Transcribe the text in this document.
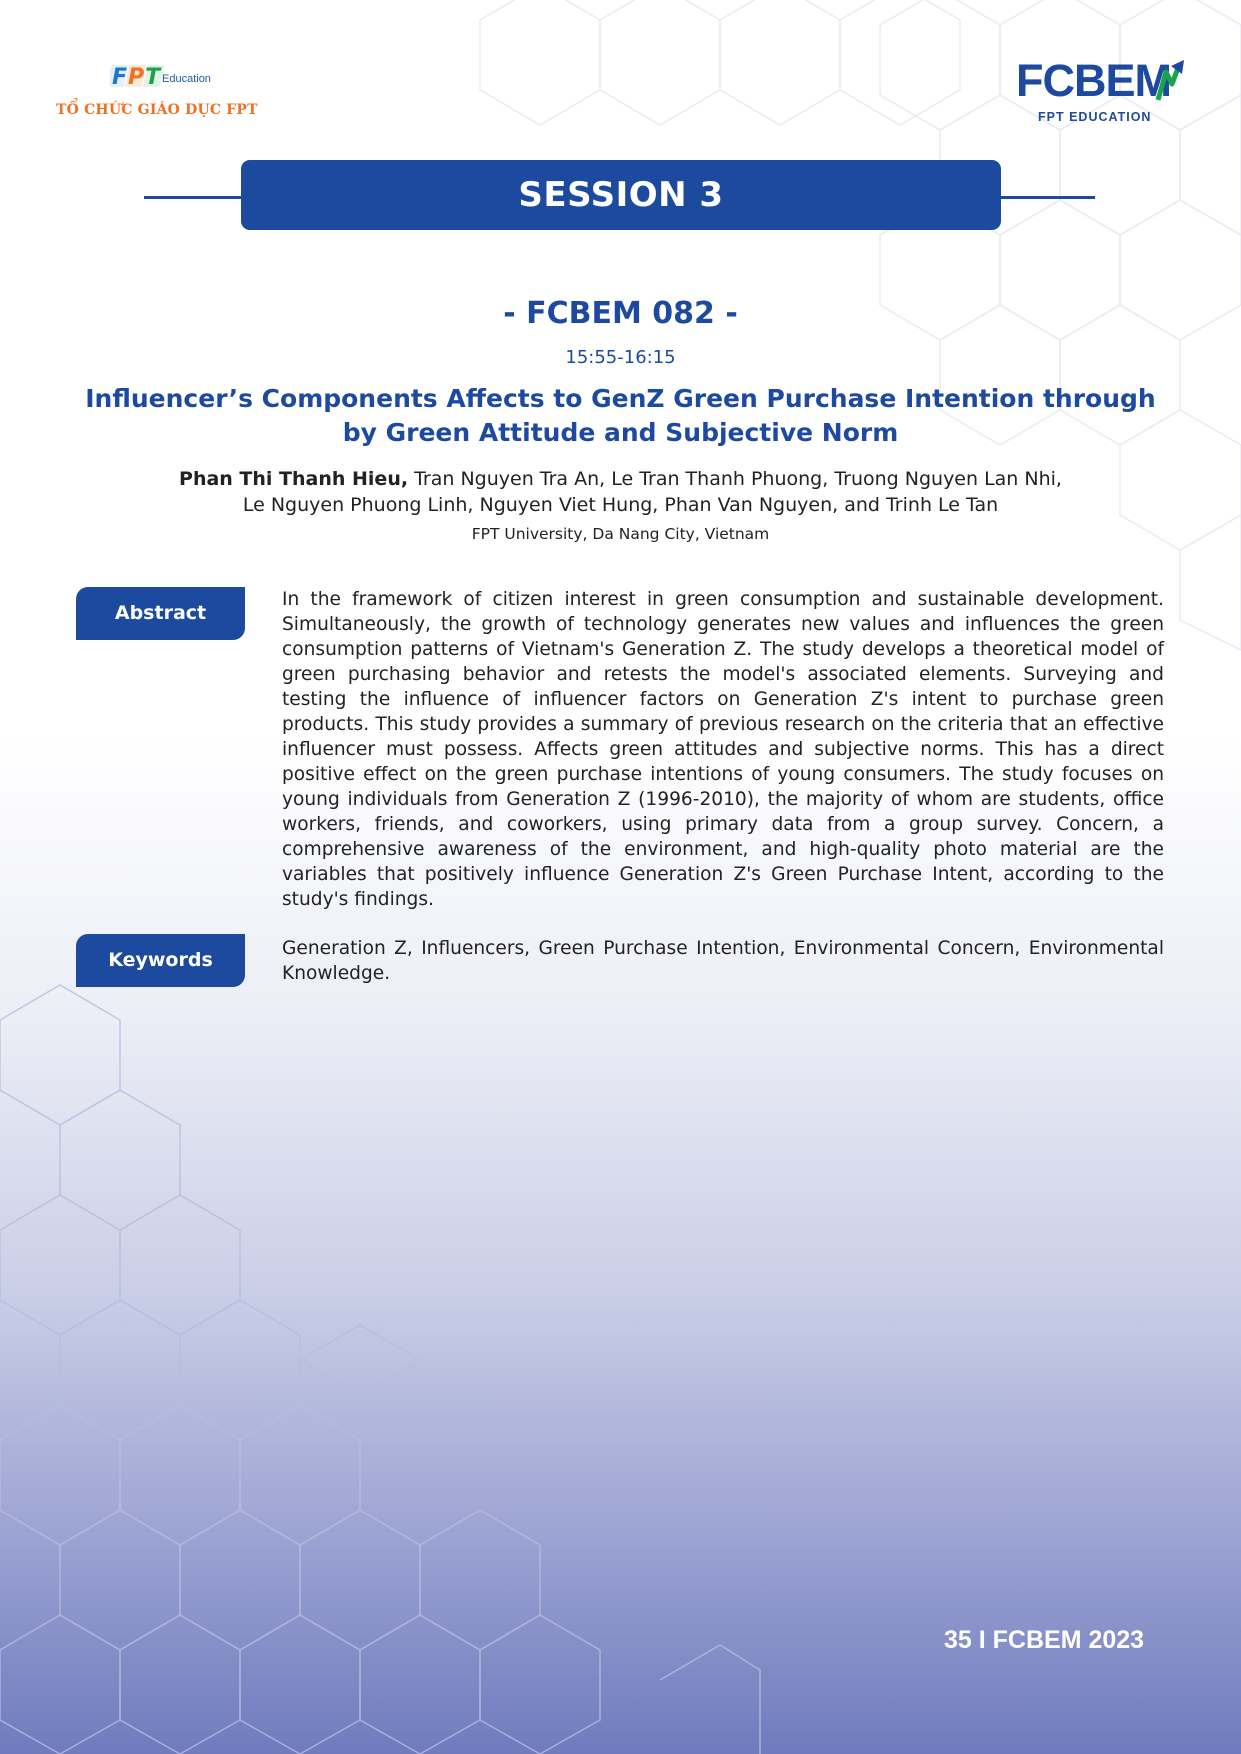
FPT Education
TỔ CHỨC GIÁO DỤC FPT
FCBEM
FPT EDUCATION
SESSION 3
- FCBEM 082 -
15:55-16:15
Influencer’s Components Affects to GenZ Green Purchase Intention through
by Green Attitude and Subjective Norm
Phan Thi Thanh Hieu, Tran Nguyen Tra An, Le Tran Thanh Phuong, Truong Nguyen Lan Nhi,
Le Nguyen Phuong Linh, Nguyen Viet Hung, Phan Van Nguyen, and Trinh Le Tan
FPT University, Da Nang City, Vietnam
Abstract
In the framework of citizen interest in green consumption and sustainable development. Simultaneously, the growth of technology generates new values and influences the green consumption patterns of Vietnam's Generation Z. The study develops a theoretical model of green purchasing behavior and retests the model's associated elements. Surveying and testing the influence of influencer factors on Generation Z's intent to purchase green products. This study provides a summary of previous research on the criteria that an effective influencer must possess. Affects green attitudes and subjective norms. This has a direct positive effect on the green purchase intentions of young consumers. The study focuses on young individuals from Generation Z (1996-2010), the majority of whom are students, office workers, friends, and coworkers, using primary data from a group survey. Concern, a comprehensive awareness of the environment, and high-quality photo material are the variables that positively influence Generation Z's Green Purchase Intent, according to the study's findings.
Keywords
Generation Z, Influencers, Green Purchase Intention, Environmental Concern, Environmental Knowledge.
35 I FCBEM 2023
